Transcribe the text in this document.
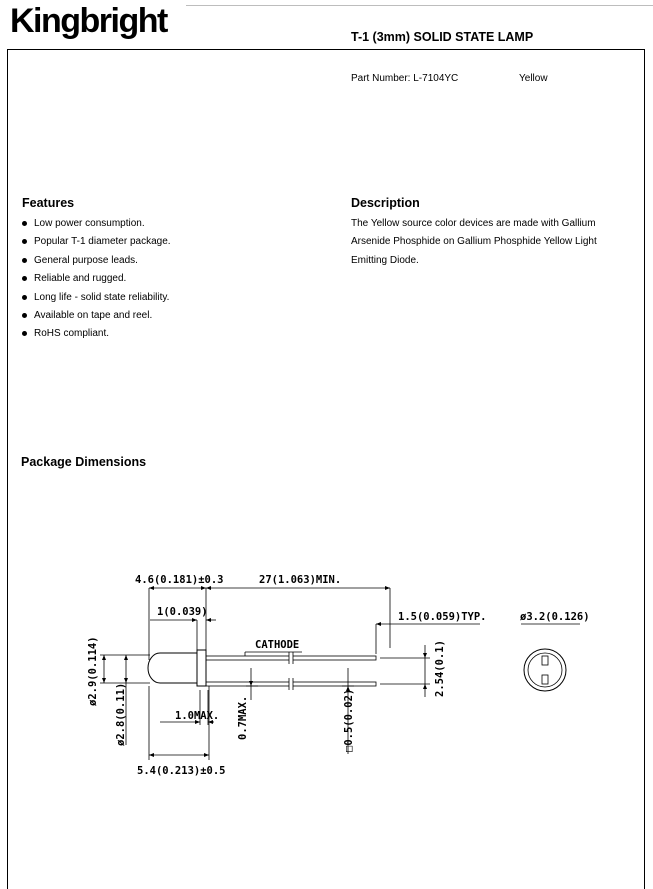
Kingbright	T-1 (3mm) SOLID STATE LAMP
Part Number: L-7104YC	Yellow
Features
Low power consumption.
Popular T-1 diameter package.
General purpose leads.
Reliable and rugged.
Long life - solid state reliability.
Available on tape and reel.
RoHS compliant.
Description
The Yellow source color devices are made with Gallium
Arsenide Phosphide on Gallium Phosphide Yellow Light
Emitting Diode.
Package Dimensions
4.6(0.181)±0.3	27(1.063)MIN.
1(0.039)
CATHODE
1.5(0.059)TYP.	ø3.2(0.126)
1.0MAX.
5.4(0.213)±0.5
ø2.9(0.114)
ø2.8(0.11)	0.7MAX.	□0.5(0.02)
2.54(0.1)
